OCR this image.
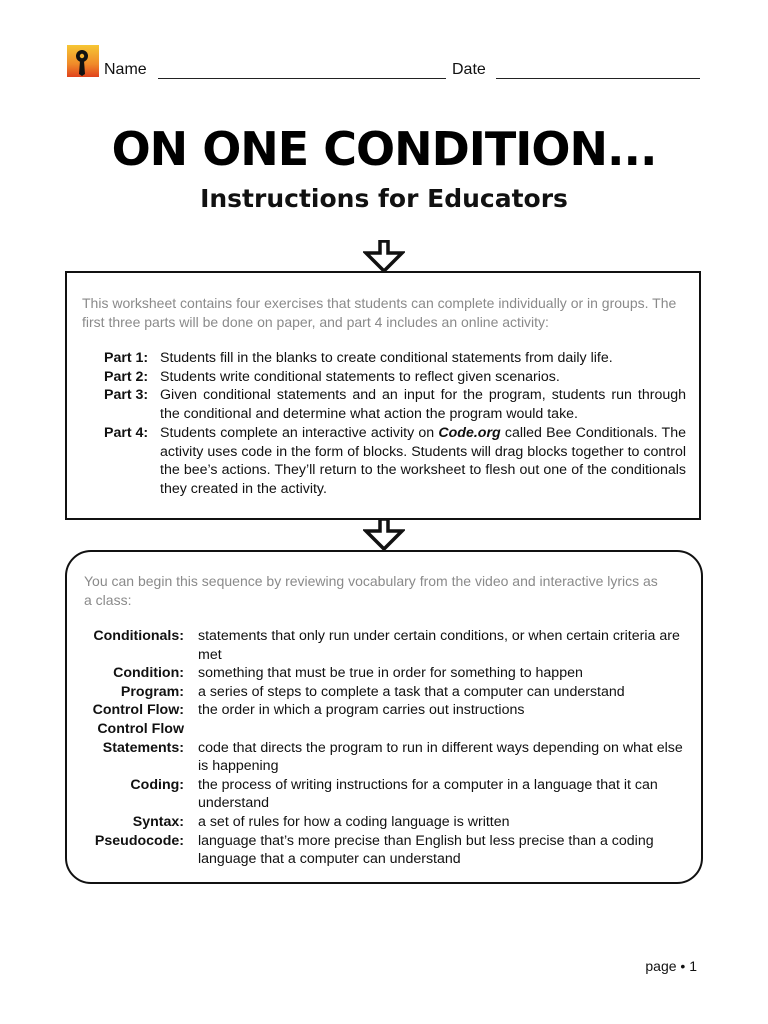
Name	Date
ON ONE CONDITION...
Instructions for Educators
This worksheet contains four exercises that students can complete individually or in groups. The first three parts will be done on paper, and part 4 includes an online activity:
Part 1: Students fill in the blanks to create conditional statements from daily life.
Part 2: Students write conditional statements to reflect given scenarios.
Part 3: Given conditional statements and an input for the program, students run through the conditional and determine what action the program would take.
Part 4: Students complete an interactive activity on Code.org called Bee Conditionals. The activity uses code in the form of blocks. Students will drag blocks together to control the bee’s actions. They’ll return to the worksheet to flesh out one of the conditionals they created in the activity.
You can begin this sequence by reviewing vocabulary from the video and interactive lyrics as a class:
Conditionals: statements that only run under certain conditions, or when certain criteria are met
Condition: something that must be true in order for something to happen
Program: a series of steps to complete a task that a computer can understand
Control Flow: the order in which a program carries out instructions
Control Flow Statements: code that directs the program to run in different ways depending on what else is happening
Coding: the process of writing instructions for a computer in a language that it can understand
Syntax: a set of rules for how a coding language is written
Pseudocode: language that’s more precise than English but less precise than a coding language that a computer can understand
page • 1
